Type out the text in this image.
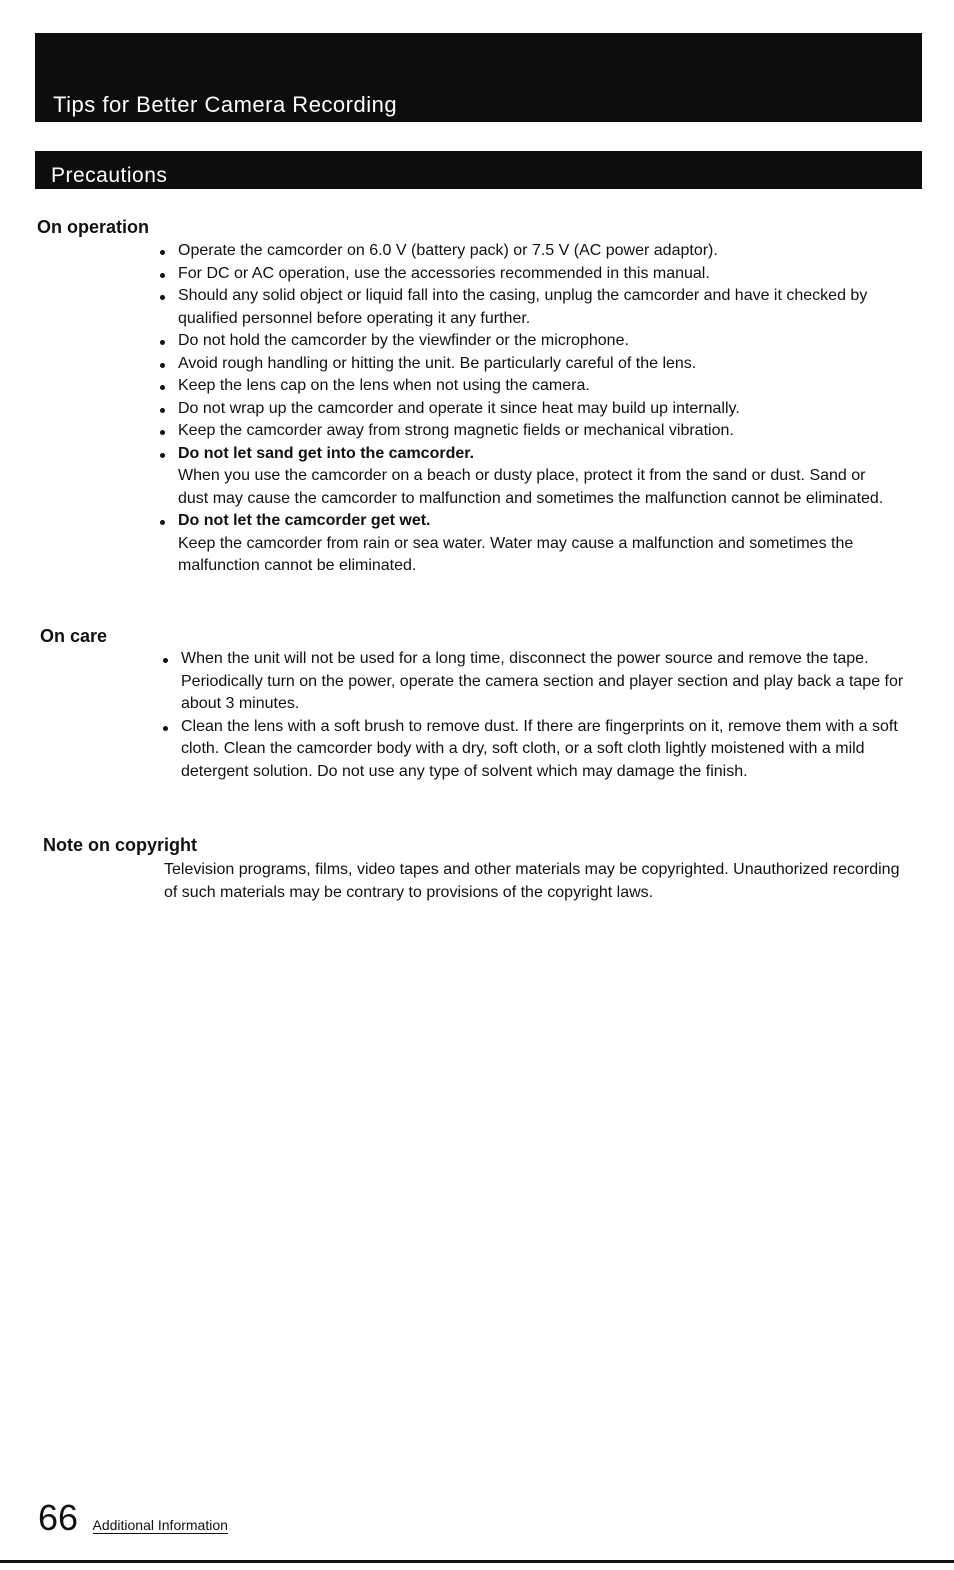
Tips for Better Camera Recording
Precautions
On operation
Operate the camcorder on 6.0 V (battery pack) or 7.5 V (AC power adaptor).
For DC or AC operation, use the accessories recommended in this manual.
Should any solid object or liquid fall into the casing, unplug the camcorder and have it checked by qualified personnel before operating it any further.
Do not hold the camcorder by the viewfinder or the microphone.
Avoid rough handling or hitting the unit. Be particularly careful of the lens.
Keep the lens cap on the lens when not using the camera.
Do not wrap up the camcorder and operate it since heat may build up internally.
Keep the camcorder away from strong magnetic fields or mechanical vibration.
Do not let sand get into the camcorder.
When you use the camcorder on a beach or dusty place, protect it from the sand or dust. Sand or dust may cause the camcorder to malfunction and sometimes the malfunction cannot be eliminated.
Do not let the camcorder get wet.
Keep the camcorder from rain or sea water. Water may cause a malfunction and sometimes the malfunction cannot be eliminated.
On care
When the unit will not be used for a long time, disconnect the power source and remove the tape. Periodically turn on the power, operate the camera section and player section and play back a tape for about 3 minutes.
Clean the lens with a soft brush to remove dust. If there are fingerprints on it, remove them with a soft cloth. Clean the camcorder body with a dry, soft cloth, or a soft cloth lightly moistened with a mild detergent solution. Do not use any type of solvent which may damage the finish.
Note on copyright

Television programs, films, video tapes and other materials may be copyrighted. Unauthorized recording of such materials may be contrary to provisions of the copyright laws.

66 Additional Information
